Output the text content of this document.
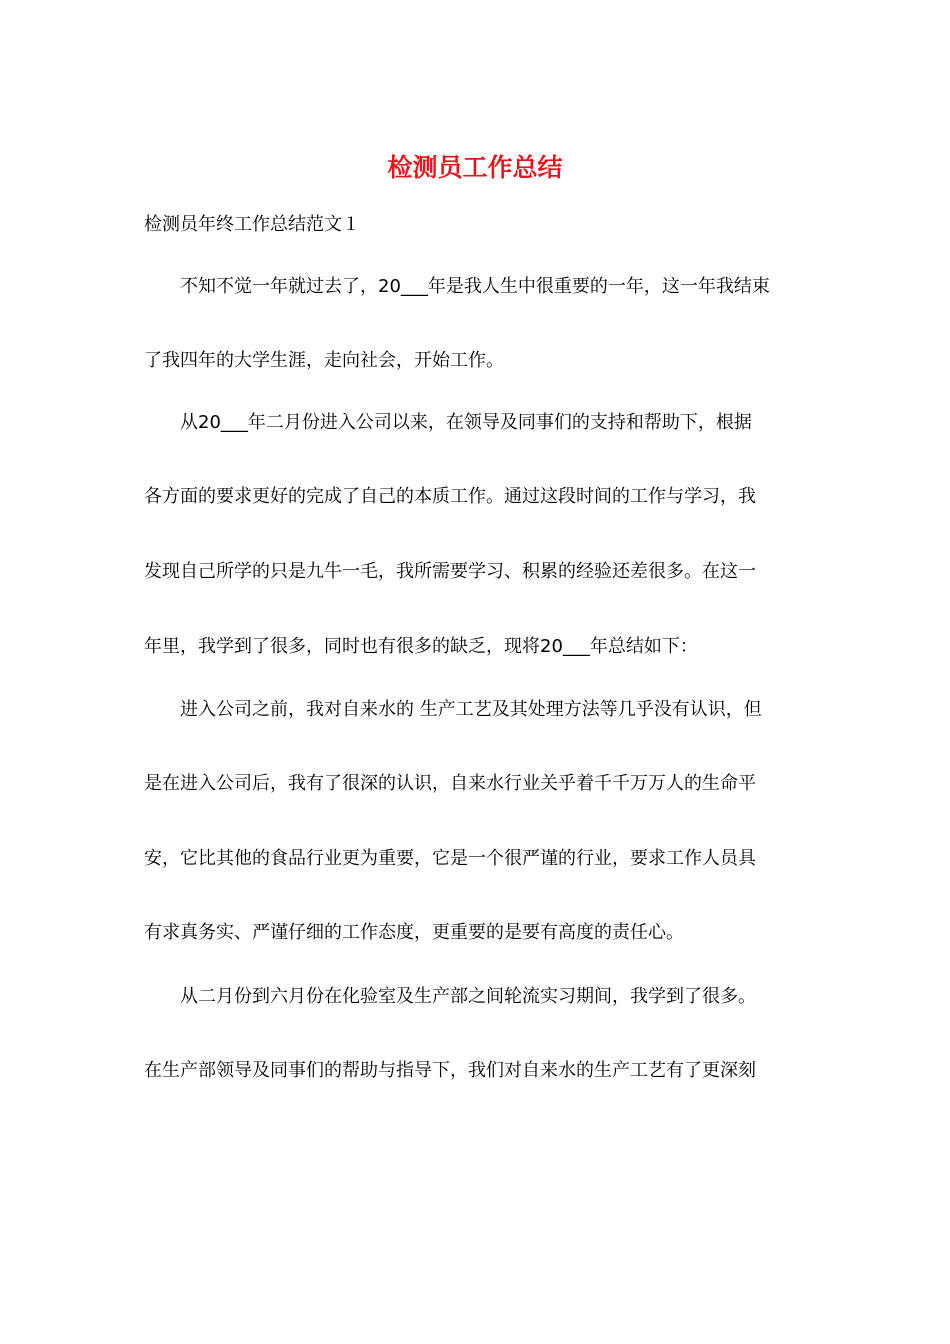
检测员工作总结
检测员年终工作总结范文１
不知不觉一年就过去了，20___年是我人生中很重要的一年，这一年我结束
了我四年的大学生涯，走向社会，开始工作。
从20___年二月份进入公司以来，在领导及同事们的支持和帮助下，根据
各方面的要求更好的完成了自己的本质工作。通过这段时间的工作与学习，我
发现自己所学的只是九牛一毛，我所需要学习、积累的经验还差很多。在这一
年里，我学到了很多，同时也有很多的缺乏，现将20___年总结如下：
进入公司之前，我对自来水的 生产工艺及其处理方法等几乎没有认识，但
是在进入公司后，我有了很深的认识，自来水行业关乎着千千万万人的生命平
安，它比其他的食品行业更为重要，它是一个很严谨的行业，要求工作人员具
有求真务实、严谨仔细的工作态度，更重要的是要有高度的责任心。
从二月份到六月份在化验室及生产部之间轮流实习期间，我学到了很多。
在生产部领导及同事们的帮助与指导下，我们对自来水的生产工艺有了更深刻
